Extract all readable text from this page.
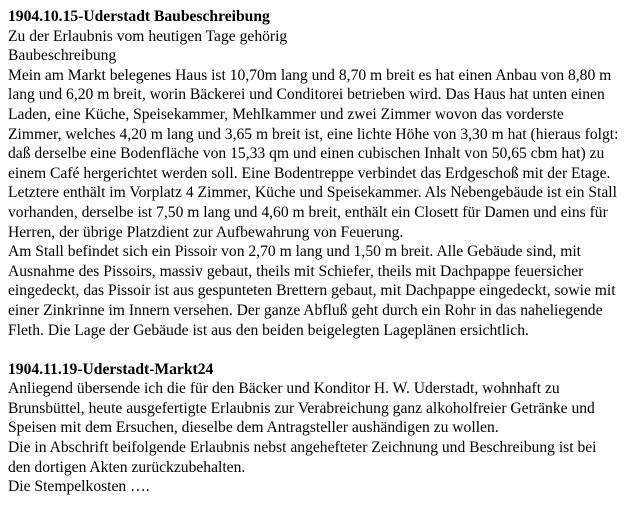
1904.10.15-Uderstadt Baubeschreibung

Zu der Erlaubnis vom heutigen Tage gehörig

Baubeschreibung

Mein am Markt belegenes Haus ist 10,70m lang und 8,70 m breit es hat einen Anbau von 8,80 m lang und 6,20 m breit, worin Bäckerei und Conditorei betrieben wird. Das Haus hat unten einen Laden, eine Küche, Speisekammer, Mehlkammer und zwei Zimmer wovon das vorderste Zimmer, welches 4,20 m lang und 3,65 m breit ist, eine lichte Höhe von 3,30 m hat (hieraus folgt: daß derselbe eine Bodenfläche von 15,33 qm und einen cubischen Inhalt von 50,65 cbm hat) zu einem Café hergerichtet werden soll. Eine Bodentreppe verbindet das Erdgeschoß mit der Etage. Letztere enthält im Vorplatz 4 Zimmer, Küche und Speisekammer. Als Nebengebäude ist ein Stall vorhanden, derselbe ist 7,50 m lang und 4,60 m breit, enthält ein Closett für Damen und eins für Herren, der übrige Platzdient zur Aufbewahrung von Feuerung.

Am Stall befindet sich ein Pissoir von 2,70 m lang und 1,50 m breit. Alle Gebäude sind, mit Ausnahme des Pissoirs, massiv gebaut, theils mit Schiefer, theils mit Dachpappe feuersicher eingedeckt, das Pissoir ist aus gespunteten Brettern gebaut, mit Dachpappe eingedeckt, sowie mit einer Zinkrinne im Innern versehen. Der ganze Abfluß geht durch ein Rohr in das naheliegende Fleth. Die Lage der Gebäude ist aus den beiden beigelegten Lageplänen ersichtlich.

1904.11.19-Uderstadt-Markt24

Anliegend übersende ich die für den Bäcker und Konditor H. W. Uderstadt, wohnhaft zu Brunsbüttel, heute ausgefertigte Erlaubnis zur Verabreichung ganz alkoholfreier Getränke und Speisen mit dem Ersuchen, dieselbe dem Antragsteller aushändigen zu wollen.

Die in Abschrift beifolgende Erlaubnis nebst angehefteter Zeichnung und Beschreibung ist bei den dortigen Akten zurückzubehalten.

Die Stempelkosten ….
